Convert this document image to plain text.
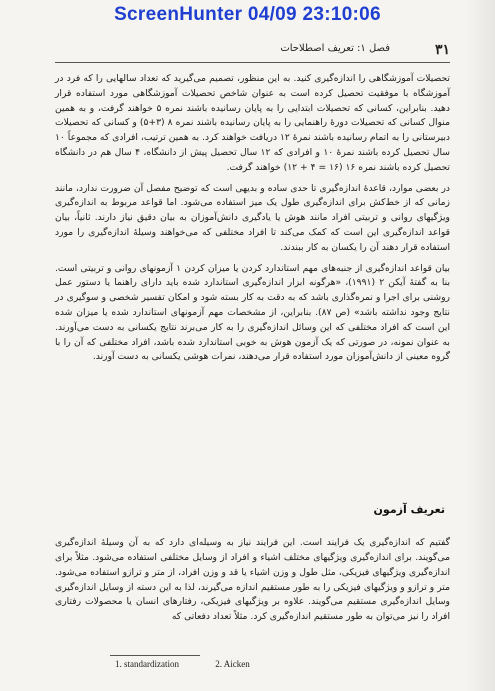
ScreenHunter 04/09 23:10:06
۳۱
فصل ۱: تعریف اصطلاحات

تحصیلات آموزشگاهی را اندازه‌گیری کنید. به این منظور، تصمیم می‌گیرید که تعداد سالهایی را که فرد در آموزشگاه با موفقیت تحصیل کرده است به عنوان شاخص تحصیلات آموزشگاهی مورد استفاده قرار دهید. بنابراین، کسانی که تحصیلات ابتدایی را به پایان رسانیده باشند نمره ۵ خواهند گرفت، و به همین منوال کسانی که تحصیلات دورهٔ راهنمایی را به پایان رسانیده باشند نمره ۸ (۳+۵) و کسانی که تحصیلات دبیرستانی را به اتمام رسانیده باشند نمرهٔ ۱۲ دریافت خواهند کرد. به همین ترتیب، افرادی که مجموعاً ۱۰ سال تحصیل کرده باشند نمرهٔ ۱۰ و افرادی که ۱۲ سال تحصیل پیش از دانشگاه، ۴ سال هم در دانشگاه تحصیل کرده باشند نمره ۱۶ (۱۶ = ۴ + ۱۲) خواهند گرفت.

در بعضی موارد، قاعدهٔ اندازه‌گیری تا حدی ساده و بدیهی است که توضیح مفصل آن ضرورت ندارد، مانند زمانی که از خط‌کش برای اندازه‌گیری طول یک میز استفاده می‌شود. اما قواعد مربوط به اندازه‌گیری ویژگیهای روانی و تربیتی افراد مانند هوش یا یادگیری دانش‌آموزان به بیان دقیق نیاز دارند. ثانیاً، بیان قواعد اندازه‌گیری این است که کمک می‌کند تا افراد مختلفی که می‌خواهند وسیلهٔ اندازه‌گیری را مورد استفاده قرار دهند آن را یکسان به کار ببندند.

بیان قواعد اندازه‌گیری از جنبه‌های مهم استاندارد کردن یا میزان کردن ۱ آزمونهای روانی و تربیتی است. بنا به گفتهٔ آیکن ۲ (۱۹۹۱)، «هرگونه ابزار اندازه‌گیری استاندارد شده باید دارای راهنما یا دستور عمل روشنی برای اجرا و نمره‌گذاری باشد که به دقت به کار بسته شود و امکان تفسیر شخصی و سوگیری در نتایج وجود نداشته باشد» (ص ۸۷). بنابراین، از مشخصات مهم آزمونهای استاندارد شده یا میزان شده این است که افراد مختلفی که این وسائل اندازه‌گیری را به کار می‌برند نتایج یکسانی به دست می‌آورند. به عنوان نمونه، در صورتی که یک آزمون هوش به خوبی استاندارد شده باشد، افراد مختلفی که آن را با گروه معینی از دانش‌آموزان مورد استفاده قرار می‌دهند، نمرات هوشی یکسانی به دست آورند.

تعریف آزمون

گفتیم که اندازه‌گیری یک فرایند است. این فرایند نیاز به وسیله‌ای دارد که به آن وسیلهٔ اندازه‌گیری می‌گویند. برای اندازه‌گیری ویژگیهای مختلف اشیاء و افراد از وسایل مختلفی استفاده می‌شود. مثلاً برای اندازه‌گیری ویژگیهای فیزیکی، مثل طول و وزن اشیاء یا قد و وزن افراد، از متر و ترازو استفاده می‌شود. متر و ترازو و ویژگیهای فیزیکی را به طور مستقیم اندازه می‌گیرند، لذا به این دسته از وسایل اندازه‌گیری وسایل اندازه‌گیری مستقیم می‌گویند. علاوه بر ویژگیهای فیزیکی، رفتارهای انسان یا محصولات رفتاری افراد را نیز می‌توان به طور مستقیم اندازه‌گیری کرد. مثلاً تعداد دفعاتی که

1. standardization	2. Aicken
